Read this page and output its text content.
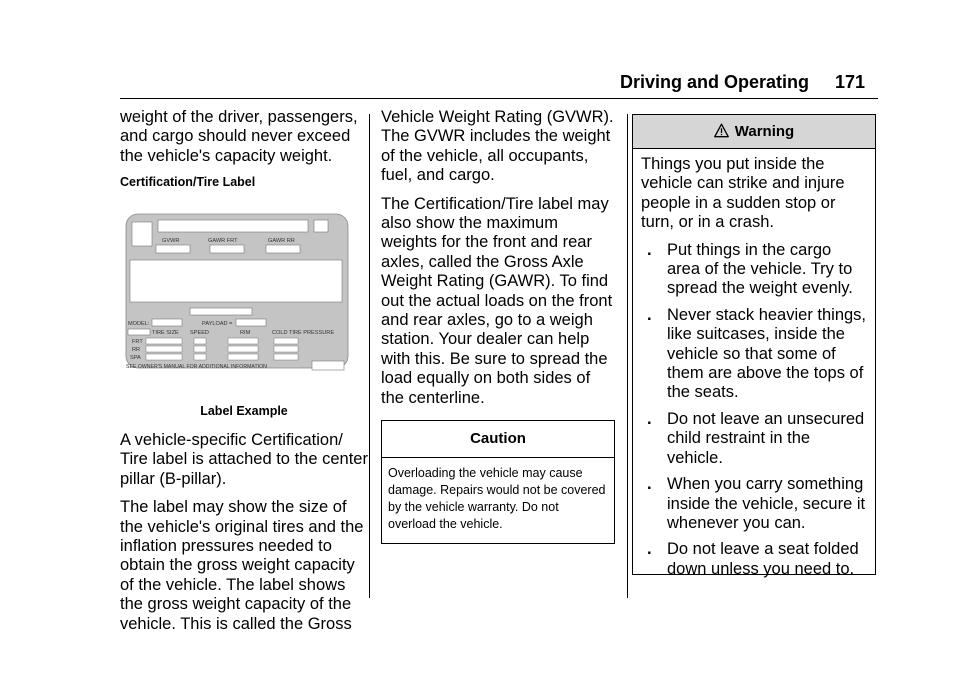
Driving and Operating 171

weight of the driver, passengers, and cargo should never exceed the vehicle's capacity weight.

Certification/Tire Label
GVWR	GAWR FRT	GAWR RR
MODEL:	PAYLOAD =
TIRE SIZE SPEED	RIM	COLD TIRE PRESSURE
FRT
RR
SPA
SEE OWNER'S MANUAL FOR ADDITIONAL INFORMATION
Label Example

A vehicle-specific Certification/ Tire label is attached to the center pillar (B-pillar).

The label may show the size of the vehicle's original tires and the inflation pressures needed to obtain the gross weight capacity of the vehicle. The label shows the gross weight capacity of the vehicle. This is called the Gross

Vehicle Weight Rating (GVWR). The GVWR includes the weight of the vehicle, all occupants, fuel, and cargo.

The Certification/Tire label may also show the maximum weights for the front and rear axles, called the Gross Axle Weight Rating (GAWR). To find out the actual loads on the front and rear axles, go to a weigh station. Your dealer can help with this. Be sure to spread the load equally on both sides of the centerline.

Caution
Overloading the vehicle may cause damage. Repairs would not be covered by the vehicle warranty. Do not overload the vehicle.
Warning

Things you put inside the vehicle can strike and injure people in a sudden stop or turn, or in a crash.

. Put things in the cargo area of the vehicle. Try to spread the weight evenly.
. Never stack heavier things, like suitcases, inside the vehicle so that some of them are above the tops of the seats.
. Do not leave an unsecured child restraint in the vehicle.
. When you carry something inside the vehicle, secure it whenever you can.
. Do not leave a seat folded down unless you need to.
